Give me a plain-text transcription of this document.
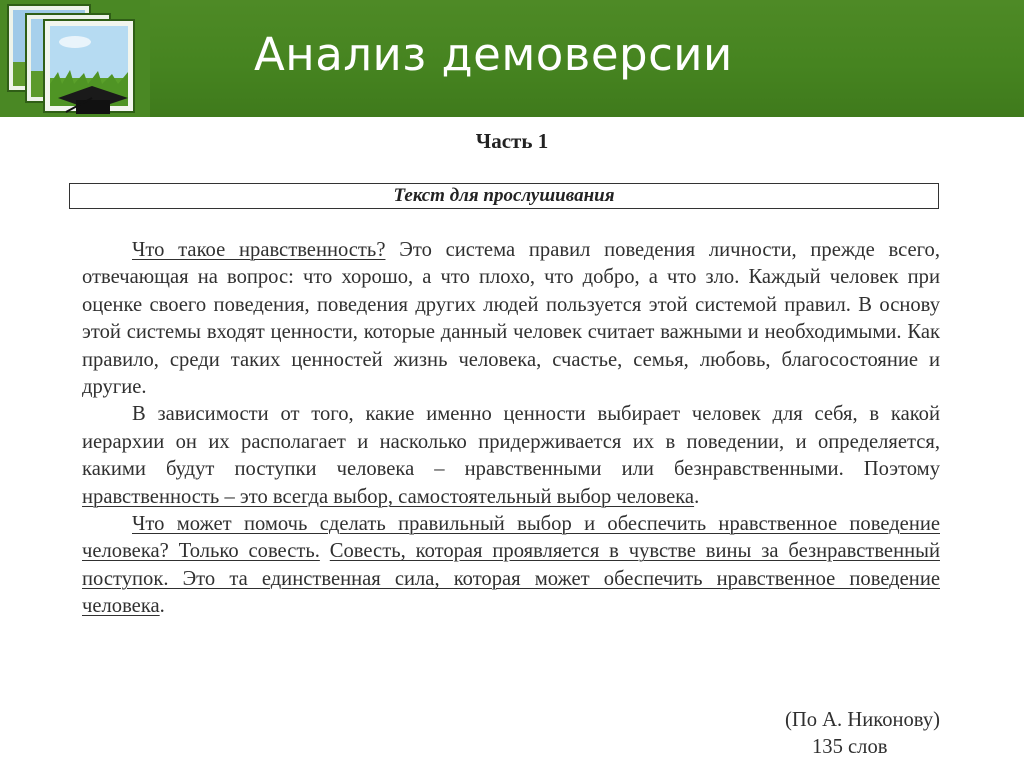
Анализ демоверсии
Часть 1
Текст для прослушивания

Что такое нравственность? Это система правил поведения личности, прежде всего, отвечающая на вопрос: что хорошо, а что плохо, что добро, а что зло. Каждый человек при оценке своего поведения, поведения других людей пользуется этой системой правил. В основу этой системы входят ценности, которые данный человек считает важными и необходимыми. Как правило, среди таких ценностей жизнь человека, счастье, семья, любовь, благосостояние и другие.

В зависимости от того, какие именно ценности выбирает человек для себя, в какой иерархии он их располагает и насколько придерживается их в поведении, и определяется, какими будут поступки человека – нравственными или безнравственными. Поэтому нравственность – это всегда выбор, самостоятельный выбор человека.

Что может помочь сделать правильный выбор и обеспечить нравственное поведение человека? Только совесть. Совесть, которая проявляется в чувстве вины за безнравственный поступок. Это та единственная сила, которая может обеспечить нравственное поведение человека.

(По А. Никонову)
135 слов
